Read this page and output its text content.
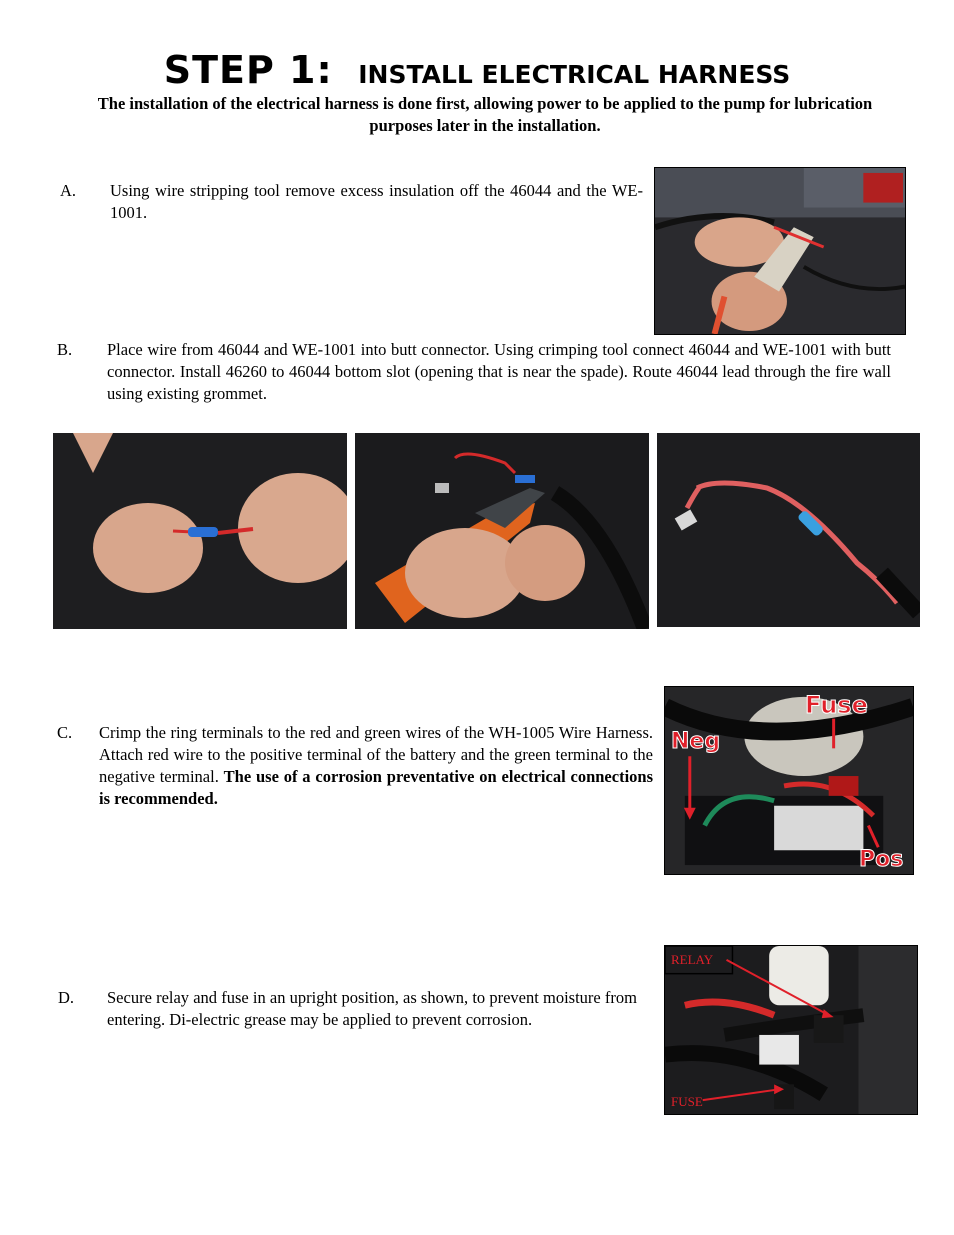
STEP 1: INSTALL ELECTRICAL HARNESS
The installation of the electrical harness is done first, allowing power to be applied to the pump for lubrication purposes later in the installation.
A. Using wire stripping tool remove excess insulation off the 46044 and the WE-1001.
B. Place wire from 46044 and WE-1001 into butt connector. Using crimping tool connect 46044 and WE-1001 with butt connector. Install 46260 to 46044 bottom slot (opening that is near the spade). Route 46044 lead through the fire wall using existing grommet.
C. Crimp the ring terminals to the red and green wires of the WH-1005 Wire Harness. Attach red wire to the positive terminal of the battery and the green terminal to the negative terminal. The use of a corrosion preventative on electrical connections is recommended.
Fuse
Neg
Pos
D. Secure relay and fuse in an upright position, as shown, to prevent moisture from entering. Di-electric grease may be applied to prevent corrosion.
RELAY
FUSE
